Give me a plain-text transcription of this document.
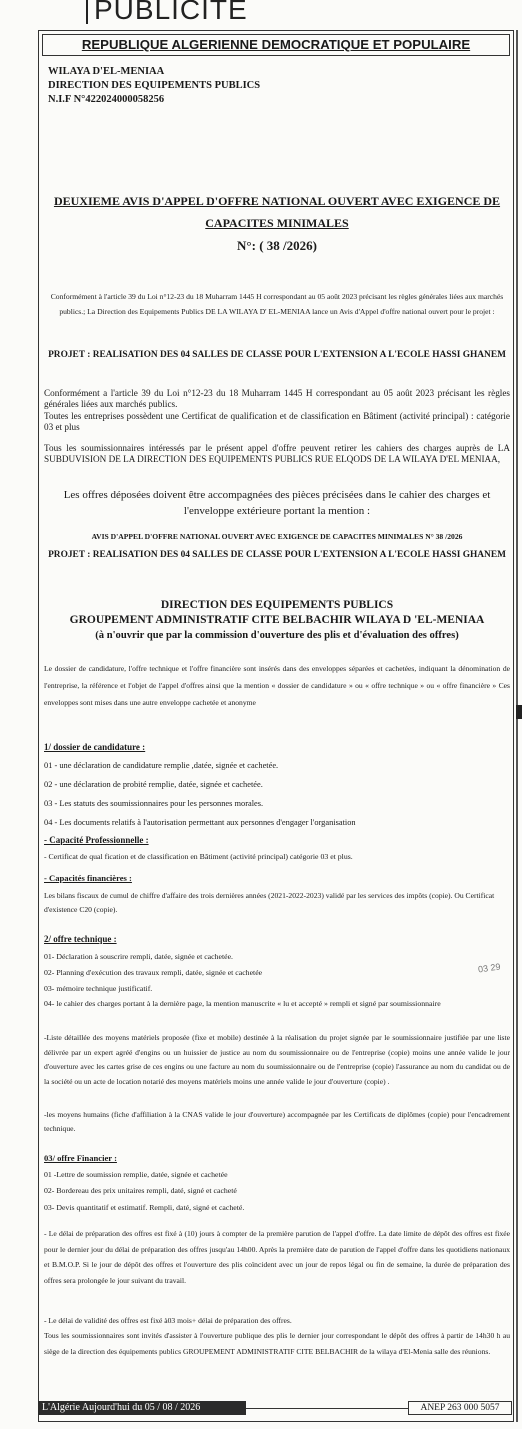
PUBLICITE
REPUBLIQUE ALGERIENNE DEMOCRATIQUE ET POPULAIRE
WILAYA D'EL-MENIAA
DIRECTION DES EQUIPEMENTS PUBLICS
N.I.F N°422024000058256
DEUXIEME AVIS D'APPEL D'OFFRE NATIONAL OUVERT AVEC EXIGENCE DE
CAPACITES MINIMALES
N°: ( 38 /2026)
Conformément à l'article 39 du Loi n°12-23 du 18 Muharram 1445 H correspondant au 05 août 2023 précisant les règles générales liées aux marchés publics.; La Direction des Equipements Publics DE LA WILAYA D' EL-MENIAA lance un Avis d'Appel d'offre national ouvert pour le projet :
PROJET : REALISATION DES 04 SALLES DE CLASSE POUR L'EXTENSION A L'ECOLE HASSI GHANEM
Conformément a l'article 39 du Loi n°12-23 du 18 Muharram 1445 H correspondant au 05 août 2023 précisant les règles générales liées aux marchés publics.
Toutes les entreprises possèdent une Certificat de qualification et de classification en Bâtiment (activité principal) : catégorie 03 et plus
Tous les soumissionnaires intéressés par le présent appel d'offre peuvent retirer les cahiers des charges auprès de LA SUBDUVISION DE LA DIRECTION DES EQUIPEMENTS PUBLICS RUE ELQODS DE LA WILAYA D'EL MENIAA,
Les offres déposées doivent être accompagnées des pièces précisées dans le cahier des charges et
l'enveloppe extérieure portant la mention :
AVIS D'APPEL D'OFFRE NATIONAL OUVERT AVEC EXIGENCE DE CAPACITES MINIMALES N° 38 /2026
PROJET : REALISATION DES 04 SALLES DE CLASSE POUR L'EXTENSION A L'ECOLE HASSI GHANEM
DIRECTION DES EQUIPEMENTS PUBLICS
GROUPEMENT ADMINISTRATIF CITE BELBACHIR WILAYA D 'EL-MENIAA
(à n'ouvrir que par la commission d'ouverture des plis et d'évaluation des offres)
Le dossier de candidature, l'offre technique et l'offre financière sont insérés dans des enveloppes séparées et cachetées, indiquant la dénomination de l'entreprise, la référence et l'objet de l'appel d'offres ainsi que la mention « dossier de candidature » ou « offre technique » ou « offre financière » Ces enveloppes sont mises dans une autre enveloppe cachetée et anonyme
1/ dossier de candidature :
01 - une déclaration de candidature remplie ,datée, signée et cachetée.
02 - une déclaration de probité remplie, datée, signée et cachetée.
03 - Les statuts des soumissionnaires pour les personnes morales.
04 - Les documents relatifs à l'autorisation permettant aux personnes d'engager l'organisation
- Capacité Professionnelle :
- Certificat de qual fication et de classification en Bâtiment (activité principal) catégorie 03 et plus.
- Capacités financières :
Les bilans fiscaux de cumul de chiffre d'affaire des trois dernières années (2021-2022-2023) validé par les services des impôts (copie). Ou Certificat d'existence C20 (copie).
2/ offre technique :
01- Déclaration à souscrire rempli, datée, signée et cachetée.
02- Planning d'exécution des travaux rempli, datée, signée et cachetée
03- mémoire technique justificatif.
04- le cahier des charges portant à la dernière page, la mention manuscrite « lu et accepté » rempli et signé par soumissionnaire
-Liste détaillée des moyens matériels proposée (fixe et mobile) destinée à la réalisation du projet signée par le soumissionnaire justifiée par une liste délivrée par un expert agréé d'engins ou un huissier de justice au nom du soumissionnaire ou de l'entreprise (copie) moins une année valide le jour d'ouverture avec les cartes grise de ces engins ou une facture au nom du soumissionnaire ou de l'entreprise (copie) l'assurance au nom du candidat ou de la société ou un acte de location notarié des moyens matériels moins une année valide le jour d'ouverture (copie) .
-les moyens humains (fiche d'affiliation à la CNAS valide le jour d'ouverture) accompagnée par les Certificats de diplômes (copie) pour l'encadrement technique.
03/ offre Financier :
01 -Lettre de soumission remplie, datée, signée et cachetée
02- Bordereau des prix unitaires rempli, daté, signé et cacheté
03- Devis quantitatif et estimatif. Rempli, daté, signé et cacheté.
- Le délai de préparation des offres est fixé à (10) jours à compter de la première parution de l'appel d'offre. La date limite de dépôt des offres est fixée pour le dernier jour du délai de préparation des offres jusqu'au 14h00. Après la première date de parution de l'appel d'offre dans les quotidiens nationaux et B.M.O.P. Si le jour de dépôt des offres et l'ouverture des plis coïncident avec un jour de repos légal ou fin de semaine, la durée de préparation des offres sera prolongée le jour suivant du travail.
- Le délai de validité des offres est fixé à03 mois+ délai de préparation des offres.
Tous les soumissionnaires sont invités d'assister à l'ouverture publique des plis le dernier jour correspondant le dépôt des offres à partir de 14h30 h au siège de la direction des équipements publics GROUPEMENT ADMINISTRATIF CITE BELBACHIR de la wilaya d'El-Menia salle des réunions.
03 29
L'Algérie Aujourd'hui du 05 / 08 / 2026	ANEP 263 000 5057
